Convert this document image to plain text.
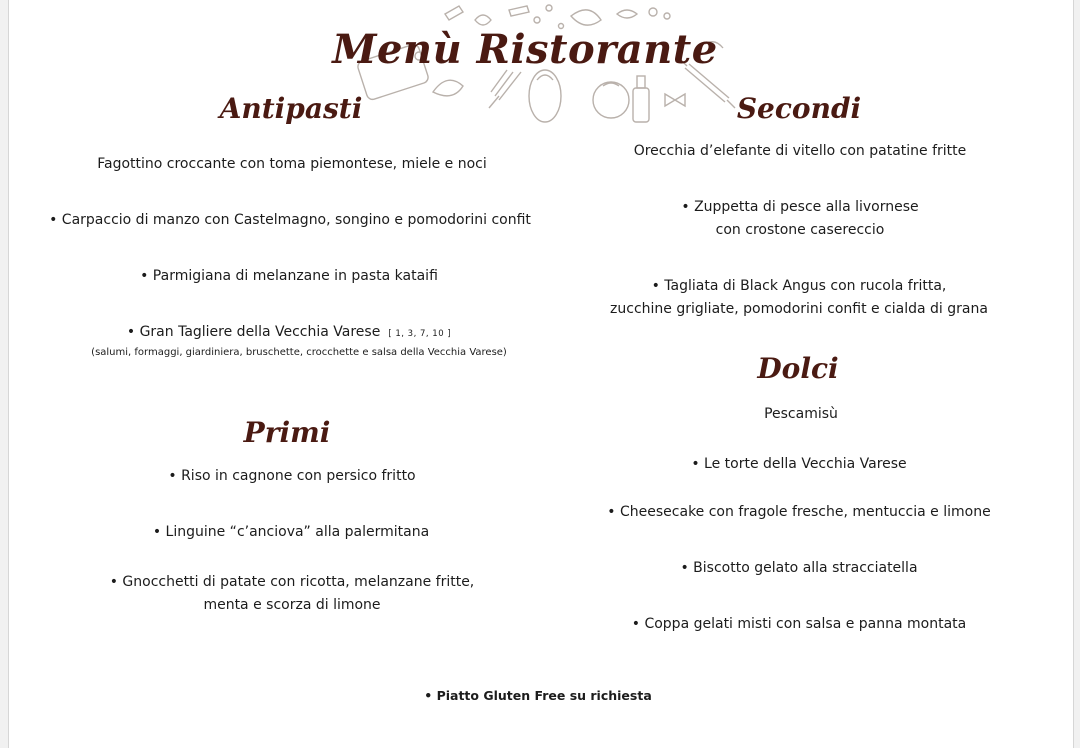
Menù Ristorante
Antipasti
Fagottino croccante con toma piemontese, miele e noci
• Carpaccio di manzo con Castelmagno, songino e pomodorini confit
• Parmigiana di melanzane in pasta kataifi
• Gran Tagliere della Vecchia Varese [ 1, 3, 7, 10 ]
(salumi, formaggi, giardiniera, bruschette, crocchette e salsa della Vecchia Varese)
Primi
• Riso in cagnone con persico fritto
• Linguine “c’anciova” alla palermitana
• Gnocchetti di patate con ricotta, melanzane fritte,
menta e scorza di limone
Secondi
Orecchia d’elefante di vitello con patatine fritte
• Zuppetta di pesce alla livornese
con crostone casereccio
• Tagliata di Black Angus con rucola fritta,
zucchine grigliate, pomodorini confit e cialda di grana
Dolci
Pescamisù
• Le torte della Vecchia Varese
• Cheesecake con fragole fresche, mentuccia e limone
• Biscotto gelato alla stracciatella
• Coppa gelati misti con salsa e panna montata
• Piatto Gluten Free su richiesta
